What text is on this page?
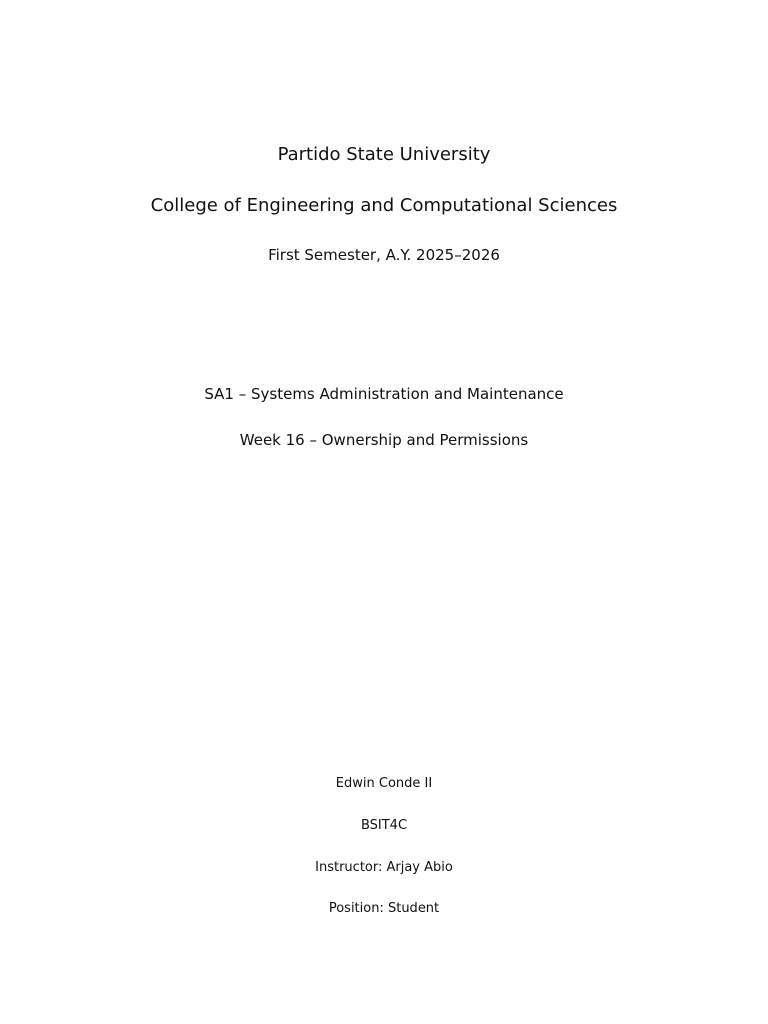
Partido State University
College of Engineering and Computational Sciences
First Semester, A.Y. 2025–2026
SA1 – Systems Administration and Maintenance
Week 16 – Ownership and Permissions
Edwin Conde II
BSIT4C
Instructor: Arjay Abio
Position: Student
